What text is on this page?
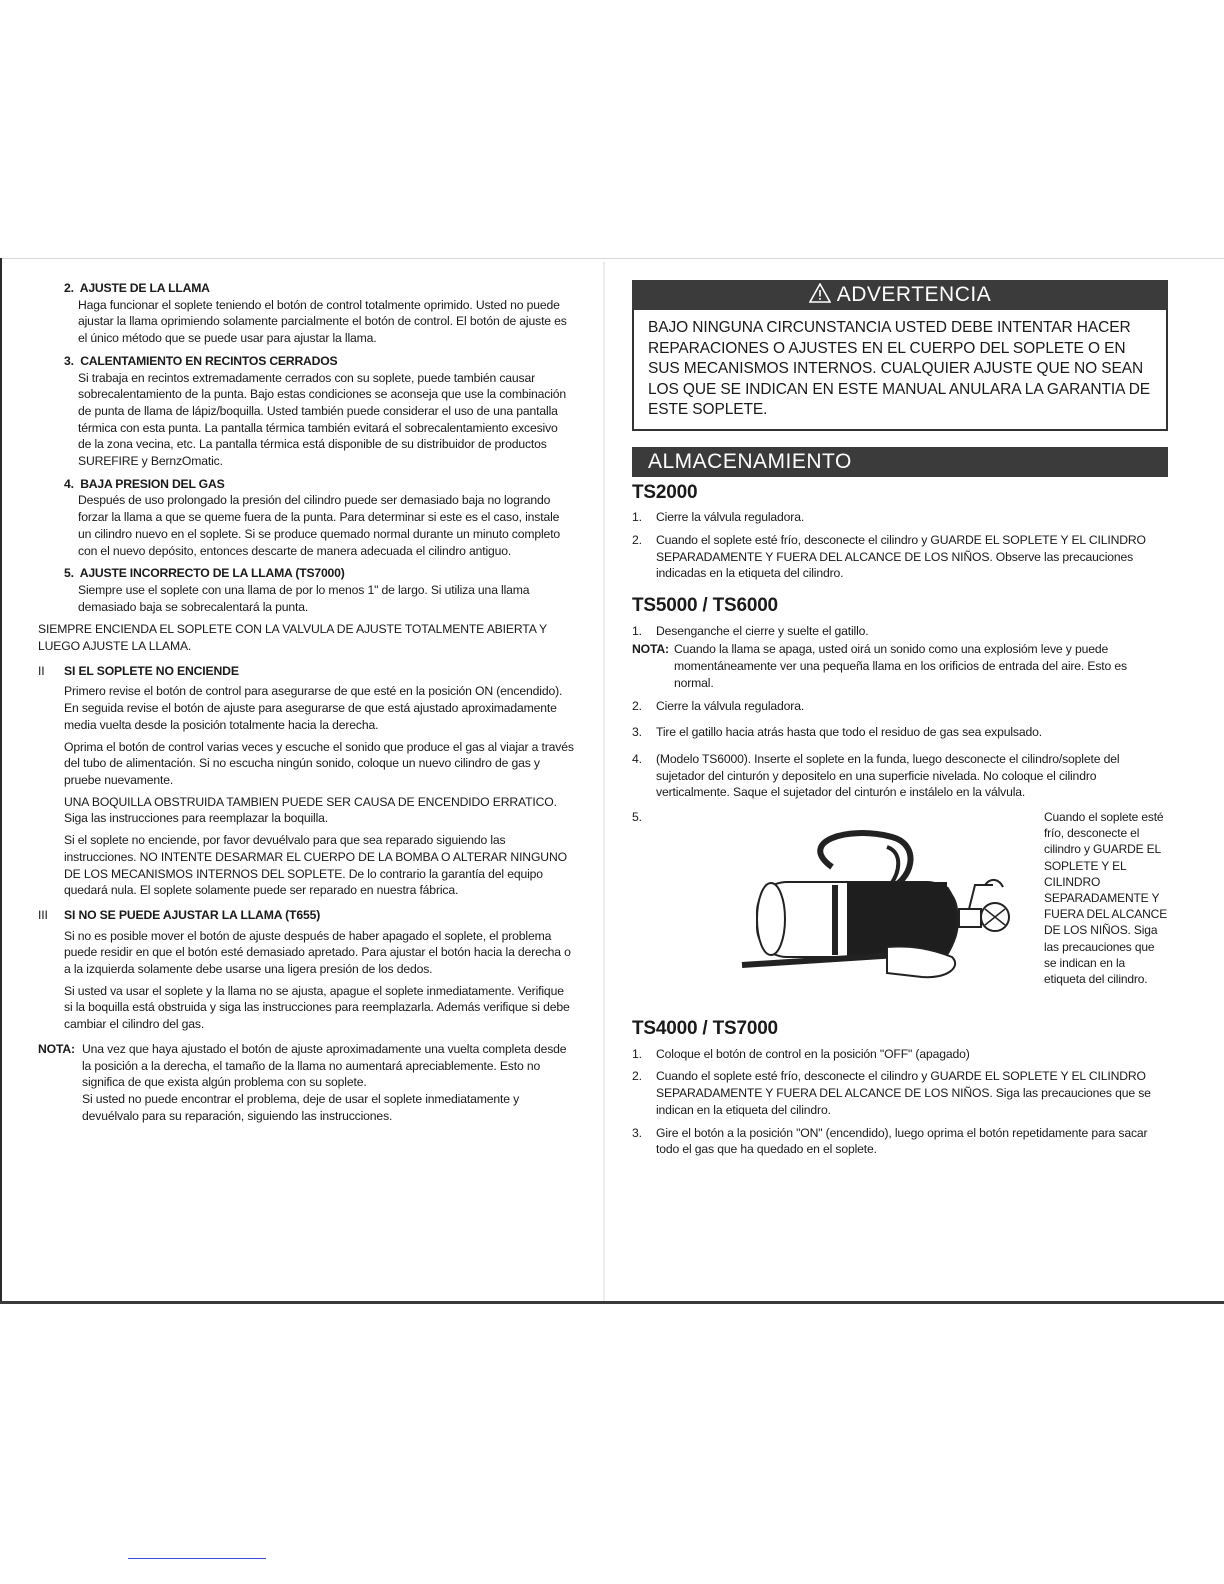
2. AJUSTE DE LA LLAMA
Haga funcionar el soplete teniendo el botón de control totalmente oprimido. Usted no puede ajustar la llama oprimiendo solamente parcialmente el botón de control. El botón de ajuste es el único método que se puede usar para ajustar la llama.
3. CALENTAMIENTO EN RECINTOS CERRADOS
Si trabaja en recintos extremadamente cerrados con su soplete, puede también causar sobrecalentamiento de la punta. Bajo estas condiciones se aconseja que use la combinación de punta de llama de lápiz/boquilla. Usted también puede considerar el uso de una pantalla térmica con esta punta. La pantalla térmica también evitará el sobrecalentamiento excesivo de la zona vecina, etc. La pantalla térmica está disponible de su distribuidor de productos SUREFIRE y BernzOmatic.
4. BAJA PRESION DEL GAS
Después de uso prolongado la presión del cilindro puede ser demasiado baja no logrando forzar la llama a que se queme fuera de la punta. Para determinar si este es el caso, instale un cilindro nuevo en el soplete. Si se produce quemado normal durante un minuto completo con el nuevo depósito, entonces descarte de manera adecuada el cilindro antiguo.
5. AJUSTE INCORRECTO DE LA LLAMA (TS7000)
Siempre use el soplete con una llama de por lo menos 1" de largo. Si utiliza una llama demasiado baja se sobrecalentará la punta.
SIEMPRE ENCIENDA EL SOPLETE CON LA VALVULA DE AJUSTE TOTALMENTE ABIERTA Y LUEGO AJUSTE LA LLAMA.
II	SI EL SOPLETE NO ENCIENDE

Primero revise el botón de control para asegurarse de que esté en la posición ON (encendido). En seguida revise el botón de ajuste para asegurarse de que está ajustado aproximadamente media vuelta desde la posición totalmente hacia la derecha.

Oprima el botón de control varias veces y escuche el sonido que produce el gas al viajar a través del tubo de alimentación. Si no escucha ningún sonido, coloque un nuevo cilindro de gas y pruebe nuevamente.

UNA BOQUILLA OBSTRUIDA TAMBIEN PUEDE SER CAUSA DE ENCENDIDO ERRATICO. Siga las instrucciones para reemplazar la boquilla.

Si el soplete no enciende, por favor devuélvalo para que sea reparado siguiendo las instrucciones. NO INTENTE DESARMAR EL CUERPO DE LA BOMBA O ALTERAR NINGUNO DE LOS MECANISMOS INTERNOS DEL SOPLETE. De lo contrario la garantía del equipo quedará nula. El soplete solamente puede ser reparado en nuestra fábrica.

III	SI NO SE PUEDE AJUSTAR LA LLAMA (T655)

Si no es posible mover el botón de ajuste después de haber apagado el soplete, el problema puede residir en que el botón esté demasiado apretado. Para ajustar el botón hacia la derecha o a la izquierda solamente debe usarse una ligera presión de los dedos.

Si usted va usar el soplete y la llama no se ajusta, apague el soplete inmediatamente. Verifique si la boquilla está obstruida y siga las instrucciones para reemplazarla. Además verifique si debe cambiar el cilindro del gas.

NOTA: Una vez que haya ajustado el botón de ajuste aproximadamente una vuelta completa desde la posición a la derecha, el tamaño de la llama no aumentará apreciablemente. Esto no significa de que exista algún problema con su soplete.

Si usted no puede encontrar el problema, deje de usar el soplete inmediatamente y devuélvalo para su reparación, siguiendo las instrucciones.

ADVERTENCIA
BAJO NINGUNA CIRCUNSTANCIA USTED DEBE INTENTAR HACER REPARACIONES O AJUSTES EN EL CUERPO DEL SOPLETE O EN SUS MECANISMOS INTERNOS. CUALQUIER AJUSTE QUE NO SEAN LOS QUE SE INDICAN EN ESTE MANUAL ANULARA LA GARANTIA DE ESTE SOPLETE.
ALMACENAMIENTO
TS2000
1.	Cierre la válvula reguladora.
2.	Cuando el soplete esté frío, desconecte el cilindro y GUARDE EL SOPLETE Y EL CILINDRO SEPARADAMENTE Y FUERA DEL ALCANCE DE LOS NIÑOS. Observe las precauciones indicadas en la etiqueta del cilindro.
TS5000 / TS6000
1.	Desenganche el cierre y suelte el gatillo.
NOTA: Cuando la llama se apaga, usted oirá un sonido como una explosióm leve y puede momentáneamente ver una pequeña llama en los orificios de entrada del aire. Esto es normal.
2.	Cierre la válvula reguladora.
3.	Tire el gatillo hacia atrás hasta que todo el residuo de gas sea expulsado.
4.	(Modelo TS6000). Inserte el soplete en la funda, luego desconecte el cilindro/soplete del sujetador del cinturón y depositelo en una superficie nivelada. No coloque el cilindro verticalmente. Saque el sujetador del cinturón e instálelo en la válvula.
5.	Cuando el soplete esté frío, desconecte el cilindro y GUARDE EL SOPLETE Y EL CILINDRO SEPARADAMENTE Y FUERA DEL ALCANCE DE LOS NIÑOS. Siga las precauciones que se indican en la etiqueta del cilindro.
TS4000 / TS7000
1.	Coloque el botón de control en la posición "OFF" (apagado)
2.	Cuando el soplete esté frío, desconecte el cilindro y GUARDE EL SOPLETE Y EL CILINDRO SEPARADAMENTE Y FUERA DEL ALCANCE DE LOS NIÑOS. Siga las precauciones que se indican en la etiqueta del cilindro.
3.	Gire el botón a la posición "ON" (encendido), luego oprima el botón repetidamente para sacar todo el gas que ha quedado en el soplete.
